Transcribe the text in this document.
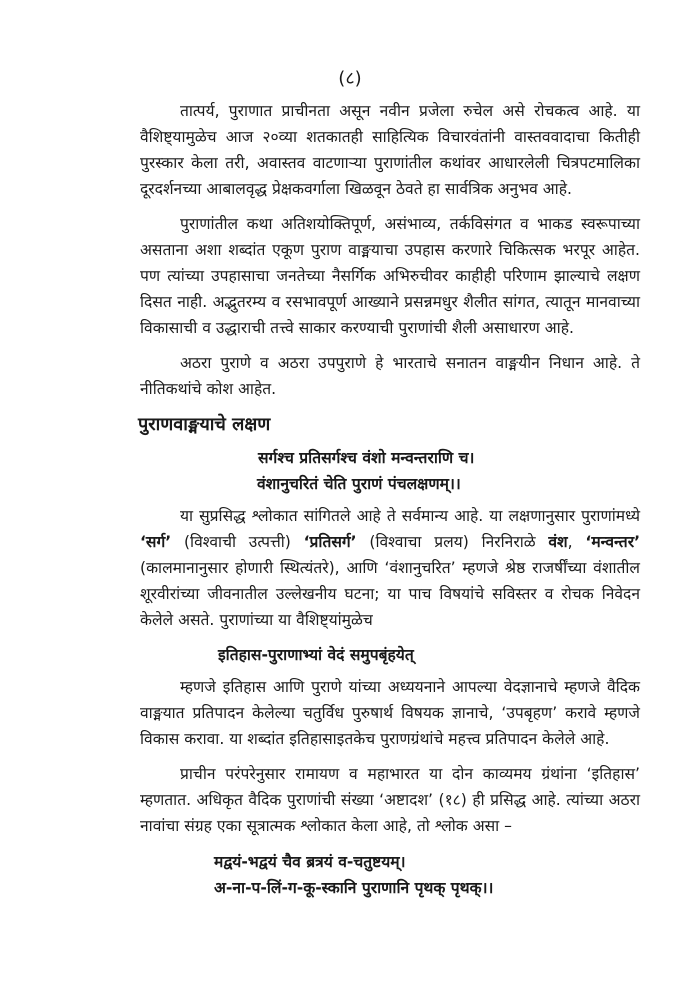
(८)

तात्पर्य, पुराणात प्राचीनता असून नवीन प्रजेला रुचेल असे रोचकत्व आहे. या वैशिष्ट्यामुळेच आज २०व्या शतकातही साहित्यिक विचारवंतांनी वास्तववादाचा कितीही पुरस्कार केला तरी, अवास्तव वाटणाऱ्या पुराणांतील कथांवर आधारलेली चित्रपटमालिका दूरदर्शनच्या आबालवृद्ध प्रेक्षकवर्गाला खिळवून ठेवते हा सार्वत्रिक अनुभव आहे.

पुराणांतील कथा अतिशयोक्तिपूर्ण, असंभाव्य, तर्कविसंगत व भाकड स्वरूपाच्या असताना अशा शब्दांत एकूण पुराण वाङ्मयाचा उपहास करणारे चिकित्सक भरपूर आहेत. पण त्यांच्या उपहासाचा जनतेच्या नैसर्गिक अभिरुचीवर काहीही परिणाम झाल्याचे लक्षण दिसत नाही. अद्भुतरम्य व रसभावपूर्ण आख्याने प्रसन्नमधुर शैलीत सांगत, त्यातून मानवाच्या विकासाची व उद्धाराची तत्त्वे साकार करण्याची पुराणांची शैली असाधारण आहे.

अठरा पुराणे व अठरा उपपुराणे हे भारताचे सनातन वाङ्मयीन निधान आहे. ते नीतिकथांचे कोश आहेत.

पुराणवाङ्मयाचे लक्षण
सर्गश्च प्रतिसर्गश्च वंशो मन्वन्तराणि च।
वंशानुचरितं चेति पुराणं पंचलक्षणम्।।

या सुप्रसिद्ध श्लोकात सांगितले आहे ते सर्वमान्य आहे. या लक्षणानुसार पुराणांमध्ये ‘सर्ग’ (विश्वाची उत्पत्ती) ‘प्रतिसर्ग’ (विश्वाचा प्रलय) निरनिराळे वंश, ‘मन्वन्तर’ (कालमानानुसार होणारी स्थित्यंतरे), आणि ‘वंशानुचरित’ म्हणजे श्रेष्ठ राजर्षींच्या वंशातील शूरवीरांच्या जीवनातील उल्लेखनीय घटना; या पाच विषयांचे सविस्तर व रोचक निवेदन केलेले असते. पुराणांच्या या वैशिष्ट्यांमुळेच

इतिहास-पुराणाभ्यां वेदं समुपबृंहयेत्

म्हणजे इतिहास आणि पुराणे यांच्या अध्ययनाने आपल्या वेदज्ञानाचे म्हणजे वैदिक वाङ्मयात प्रतिपादन केलेल्या चतुर्विध पुरुषार्थ विषयक ज्ञानाचे, ‘उपबृहण’ करावे म्हणजे विकास करावा. या शब्दांत इतिहासाइतकेच पुराणग्रंथांचे महत्त्व प्रतिपादन केलेले आहे.

प्राचीन परंपरेनुसार रामायण व महाभारत या दोन काव्यमय ग्रंथांना ‘इतिहास’ म्हणतात. अधिकृत वैदिक पुराणांची संख्या ‘अष्टादश’ (१८) ही प्रसिद्ध आहे. त्यांच्या अठरा नावांचा संग्रह एका सूत्रात्मक श्लोकात केला आहे, तो श्लोक असा –

मद्वयं-भद्वयं चैव ब्रत्रयं व-चतुष्टयम्।
अ-ना-प-लिं-ग-कू-स्कानि पुराणानि पृथक् पृथक्।।
